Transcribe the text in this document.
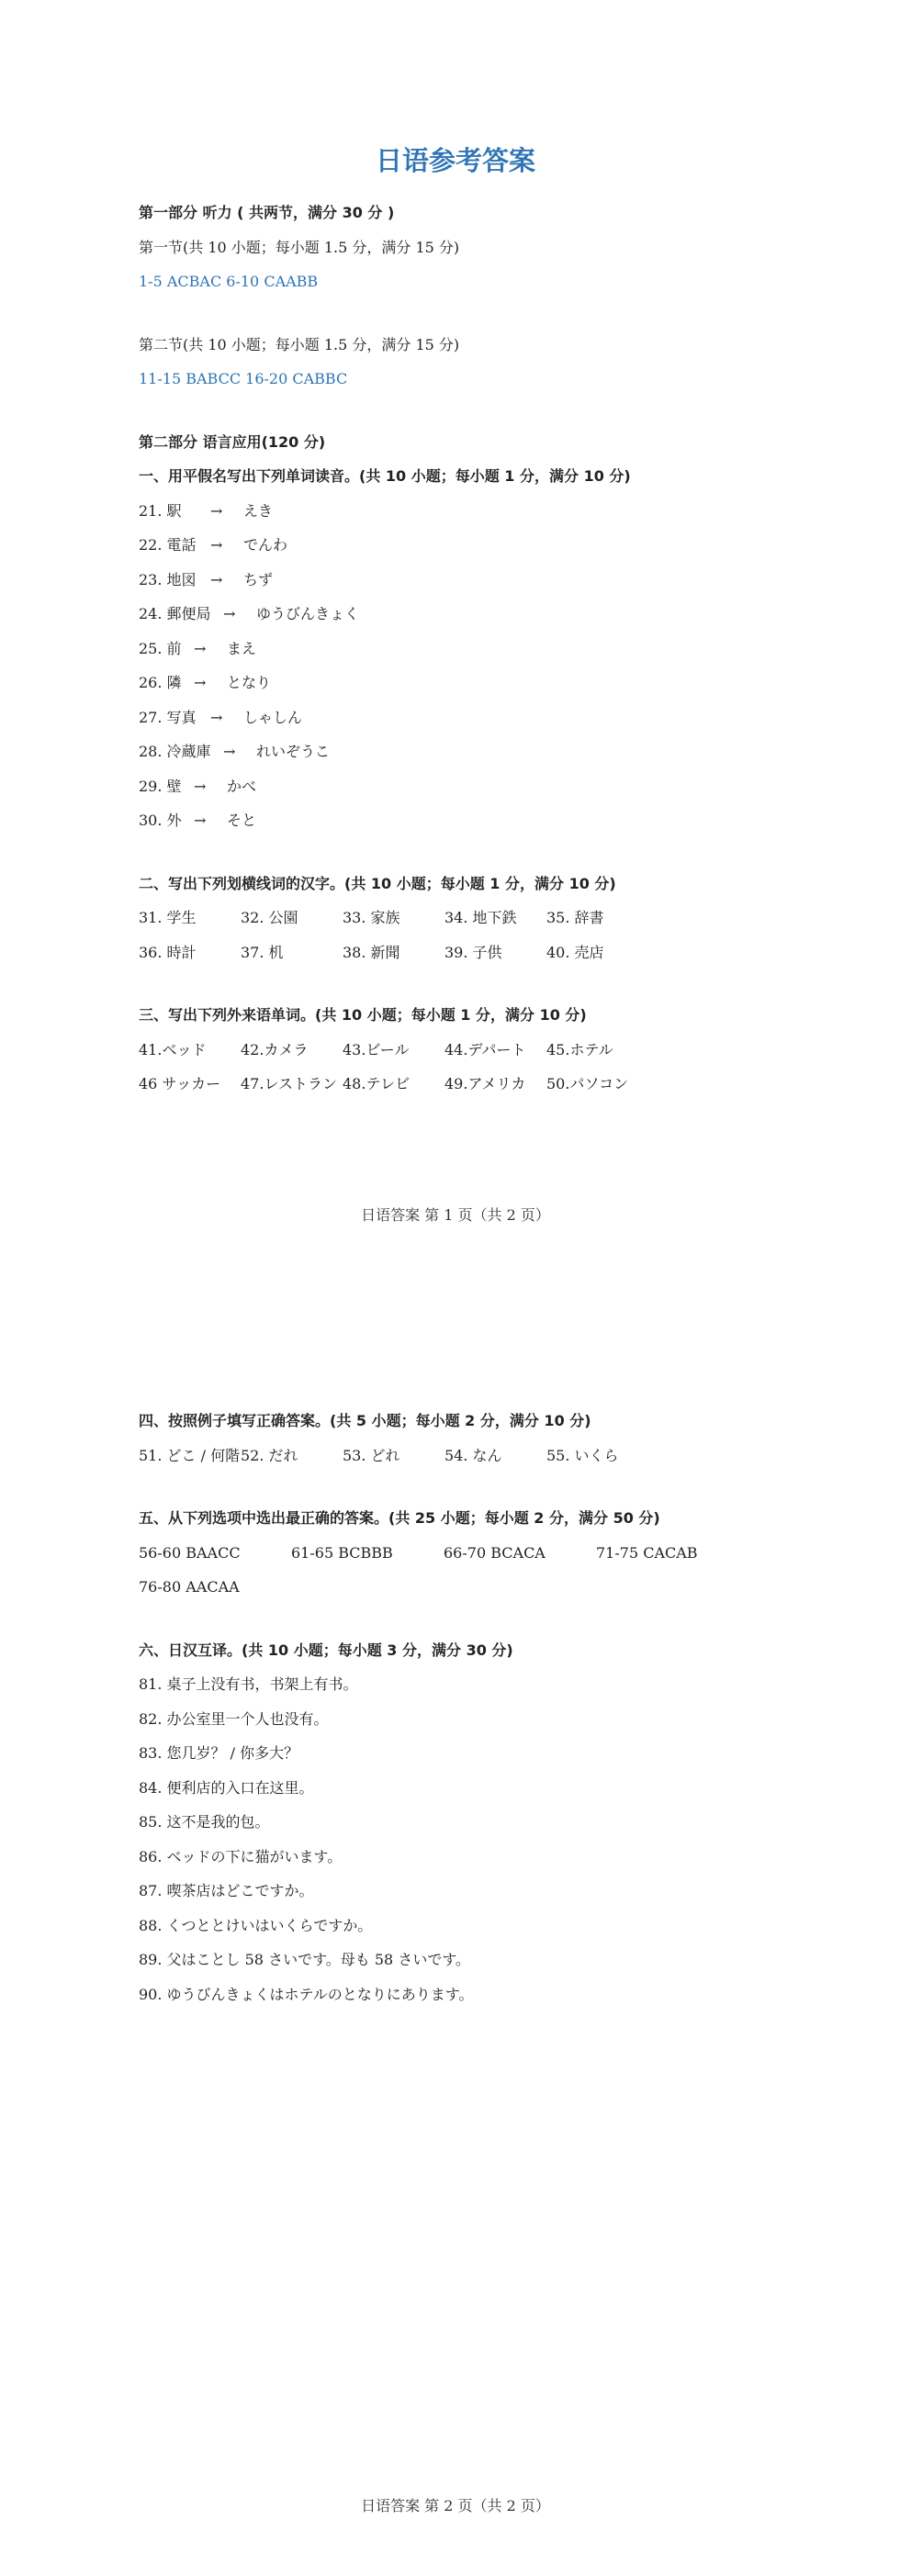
日语参考答案
第一部分 听力 ( 共两节，满分 30 分 )
第一节(共 10 小题；每小题 1.5 分，满分 15 分)
1-5 ACBAC 6-10 CAABB
第二节(共 10 小题；每小题 1.5 分，满分 15 分)
11-15 BABCC 16-20 CABBC
第二部分 语言应用(120 分)
一、用平假名写出下列单词读音。(共 10 小题；每小题 1 分，满分 10 分)
21. 駅	→	えき
22. 電話 →	でんわ
23. 地図 →	ちず
24. 郵便局 →	ゆうびんきょく
25. 前 →	まえ
26. 隣 →	となり
27. 写真 →	しゃしん
28. 冷蔵庫 →	れいぞうこ
29. 壁 →	かべ
30. 外 →	そと
二、写出下列划横线词的汉字。(共 10 小题；每小题 1 分，满分 10 分)
31. 学生	32. 公園	33. 家族	34. 地下鉄	35. 辞書
36. 時計	37. 机	38. 新聞	39. 子供	40. 売店
三、写出下列外来语单词。(共 10 小题；每小题 1 分，满分 10 分)
41.ベッド	42.カメラ	43.ビール	44.デパート	45.ホテル
46 サッカー	47.レストラン 48.テレビ	49.アメリカ	50.パソコン
日语答案 第 1 页（共 2 页）
四、按照例子填写正确答案。(共 5 小题；每小题 2 分，满分 10 分)
51. どこ / 何階 52. だれ	53. どれ	54. なん	55. いくら
五、从下列选项中选出最正确的答案。(共 25 小题；每小题 2 分，满分 50 分)
56-60 BAACC	61-65 BCBBB	66-70 BCACA	71-75 CACAB
76-80 AACAA
六、日汉互译。(共 10 小题；每小题 3 分，满分 30 分)
81. 桌子上没有书，书架上有书。
82. 办公室里一个人也没有。
83. 您几岁？ / 你多大？
84. 便利店的入口在这里。
85. 这不是我的包。
86. ベッドの下に猫がいます。
87. 喫茶店はどこですか。
88. くつととけいはいくらですか。
89. 父はことし 58 さいです。母も 58 さいです。
90. ゆうびんきょくはホテルのとなりにあります。
日语答案 第 2 页（共 2 页）
